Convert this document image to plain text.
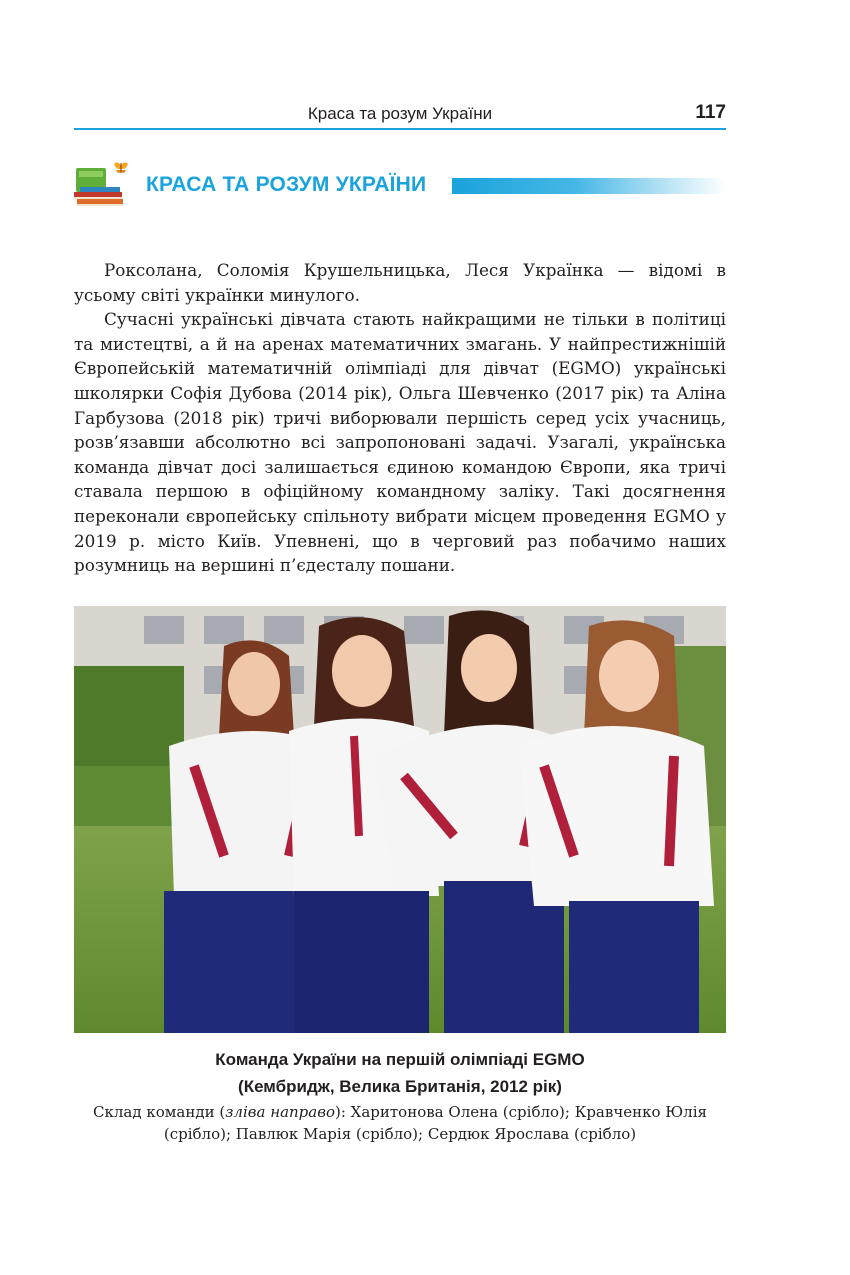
Краса та розум України	117
КРАСА ТА РОЗУМ УКРАЇНИ

Роксолана, Соломія Крушельницька, Леся Українка — відомі в усьому світі українки минулого.

Сучасні українські дівчата стають найкращими не тільки в політиці та мистецтві, а й на аренах математичних змагань. У найпрестижнішій Європейській математичній олімпіаді для дівчат (EGMO) українські школярки Софія Дубова (2014 рік), Ольга Шевченко (2017 рік) та Аліна Гарбузова (2018 рік) тричі виборювали першість серед усіх учасниць, розв’язавши абсолютно всі запропоновані задачі. Узагалі, українська команда дівчат досі залишається єдиною командою Європи, яка тричі ставала першою в офіційному командному заліку. Такі досягнення переконали європейську спільноту вибрати місцем проведення EGMO у 2019 р. місто Київ. Упевнені, що в черговий раз побачимо наших розумниць на вершині п’єдесталу пошани.

Команда України на першій олімпіаді EGMO
(Кембридж, Велика Британія, 2012 рік)
Склад команди (зліва направо): Харитонова Олена (срібло); Кравченко Юлія (срібло); Павлюк Марія (срібло); Сердюк Ярослава (срібло)
